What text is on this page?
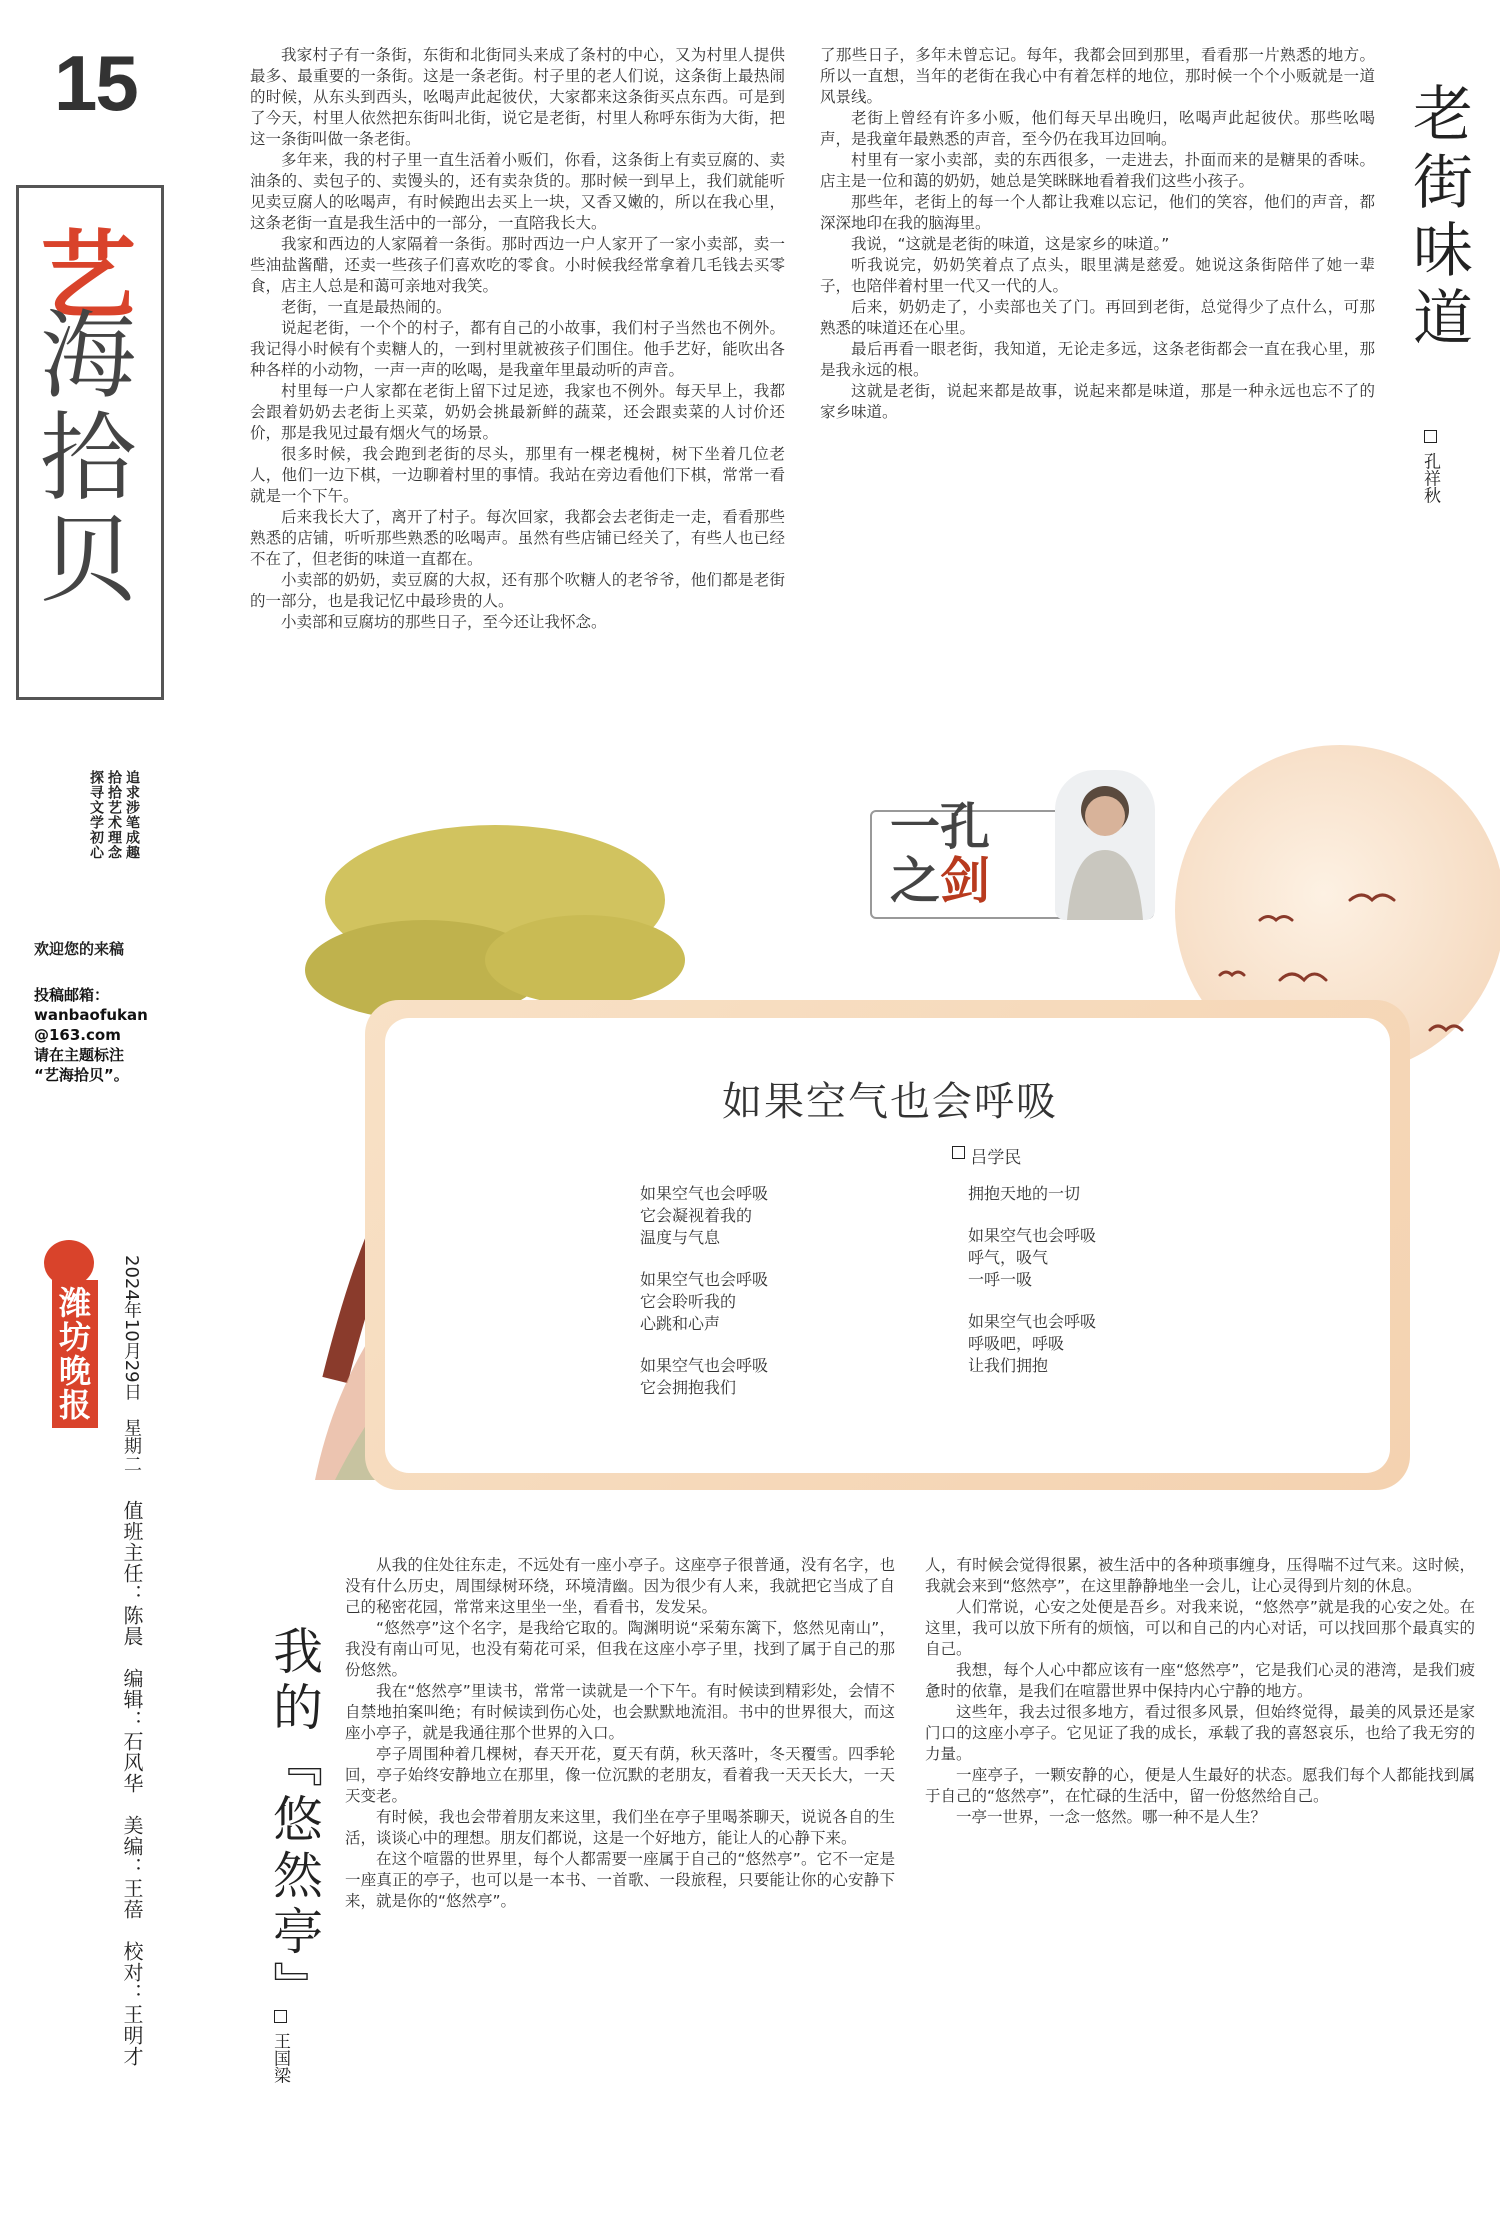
15
艺
海拾贝
追求涉笔成趣
拾拾艺术理念
探寻文学初心
欢迎您的来稿
投稿邮箱：
wanbaofukan
@163.com
请在主题标注
“艺海拾贝”。
潍坊晚报	2024年10月29日　星期二
值班主任：陈晨　编辑：石风华　美编：王蓓　校对：王明才

我家村子有一条街，东街和北街同头来成了条村的中心，又为村里人提供最多、最重要的一条街。这是一条老街。村子里的老人们说，这条街上最热闹的时候，从东头到西头，吆喝声此起彼伏，大家都来这条街买点东西。可是到了今天，村里人依然把东街叫北街，说它是老街，村里人称呼东街为大街，把这一条街叫做一条老街。

多年来，我的村子里一直生活着小贩们，你看，这条街上有卖豆腐的、卖油条的、卖包子的、卖馒头的，还有卖杂货的。那时候一到早上，我们就能听见卖豆腐人的吆喝声，有时候跑出去买上一块，又香又嫩的，所以在我心里，这条老街一直是我生活中的一部分，一直陪我长大。

我家和西边的人家隔着一条街。那时西边一户人家开了一家小卖部，卖一些油盐酱醋，还卖一些孩子们喜欢吃的零食。小时候我经常拿着几毛钱去买零食，店主人总是和蔼可亲地对我笑。

老街，一直是最热闹的。

说起老街，一个个的村子，都有自己的小故事，我们村子当然也不例外。我记得小时候有个卖糖人的，一到村里就被孩子们围住。他手艺好，能吹出各种各样的小动物，一声一声的吆喝，是我童年里最动听的声音。

村里每一户人家都在老街上留下过足迹，我家也不例外。每天早上，我都会跟着奶奶去老街上买菜，奶奶会挑最新鲜的蔬菜，还会跟卖菜的人讨价还价，那是我见过最有烟火气的场景。

很多时候，我会跑到老街的尽头，那里有一棵老槐树，树下坐着几位老人，他们一边下棋，一边聊着村里的事情。我站在旁边看他们下棋，常常一看就是一个下午。

后来我长大了，离开了村子。每次回家，我都会去老街走一走，看看那些熟悉的店铺，听听那些熟悉的吆喝声。虽然有些店铺已经关了，有些人也已经不在了，但老街的味道一直都在。

小卖部的奶奶，卖豆腐的大叔，还有那个吹糖人的老爷爷，他们都是老街的一部分，也是我记忆中最珍贵的人。

小卖部和豆腐坊的那些日子，至今还让我怀念。

了那些日子，多年未曾忘记。每年，我都会回到那里，看看那一片熟悉的地方。所以一直想，当年的老街在我心中有着怎样的地位，那时候一个个小贩就是一道风景线。

老街上曾经有许多小贩，他们每天早出晚归，吆喝声此起彼伏。那些吆喝声，是我童年最熟悉的声音，至今仍在我耳边回响。

村里有一家小卖部，卖的东西很多，一走进去，扑面而来的是糖果的香味。店主是一位和蔼的奶奶，她总是笑眯眯地看着我们这些小孩子。

那些年，老街上的每一个人都让我难以忘记，他们的笑容，他们的声音，都深深地印在我的脑海里。

我说，“这就是老街的味道，这是家乡的味道。”

听我说完，奶奶笑着点了点头，眼里满是慈爱。她说这条街陪伴了她一辈子，也陪伴着村里一代又一代的人。

后来，奶奶走了，小卖部也关了门。再回到老街，总觉得少了点什么，可那熟悉的味道还在心里。

最后再看一眼老街，我知道，无论走多远，这条老街都会一直在我心里，那是我永远的根。

这就是老街，说起来都是故事，说起来都是味道，那是一种永远也忘不了的家乡味道。

老街味道
孔祥秋
一孔
之剑
如果空气也会呼吸
吕学民
如果空气也会呼吸
它会凝视着我的
温度与气息
如果空气也会呼吸
它会聆听我的
心跳和心声
如果空气也会呼吸
它会拥抱我们
拥抱天地的一切
如果空气也会呼吸
呼气，吸气
一呼一吸
如果空气也会呼吸
呼吸吧，呼吸
让我们拥抱
我的『悠然亭』
王国梁

从我的住处往东走，不远处有一座小亭子。这座亭子很普通，没有名字，也没有什么历史，周围绿树环绕，环境清幽。因为很少有人来，我就把它当成了自己的秘密花园，常常来这里坐一坐，看看书，发发呆。

“悠然亭”这个名字，是我给它取的。陶渊明说“采菊东篱下，悠然见南山”，我没有南山可见，也没有菊花可采，但我在这座小亭子里，找到了属于自己的那份悠然。

我在“悠然亭”里读书，常常一读就是一个下午。有时候读到精彩处，会情不自禁地拍案叫绝；有时候读到伤心处，也会默默地流泪。书中的世界很大，而这座小亭子，就是我通往那个世界的入口。

亭子周围种着几棵树，春天开花，夏天有荫，秋天落叶，冬天覆雪。四季轮回，亭子始终安静地立在那里，像一位沉默的老朋友，看着我一天天长大，一天天变老。

有时候，我也会带着朋友来这里，我们坐在亭子里喝茶聊天，说说各自的生活，谈谈心中的理想。朋友们都说，这是一个好地方，能让人的心静下来。

在这个喧嚣的世界里，每个人都需要一座属于自己的“悠然亭”。它不一定是一座真正的亭子，也可以是一本书、一首歌、一段旅程，只要能让你的心安静下来，就是你的“悠然亭”。

人，有时候会觉得很累，被生活中的各种琐事缠身，压得喘不过气来。这时候，我就会来到“悠然亭”，在这里静静地坐一会儿，让心灵得到片刻的休息。

人们常说，心安之处便是吾乡。对我来说，“悠然亭”就是我的心安之处。在这里，我可以放下所有的烦恼，可以和自己的内心对话，可以找回那个最真实的自己。

我想，每个人心中都应该有一座“悠然亭”，它是我们心灵的港湾，是我们疲惫时的依靠，是我们在喧嚣世界中保持内心宁静的地方。

这些年，我去过很多地方，看过很多风景，但始终觉得，最美的风景还是家门口的这座小亭子。它见证了我的成长，承载了我的喜怒哀乐，也给了我无穷的力量。

一座亭子，一颗安静的心，便是人生最好的状态。愿我们每个人都能找到属于自己的“悠然亭”，在忙碌的生活中，留一份悠然给自己。

一亭一世界，一念一悠然。哪一种不是人生？
